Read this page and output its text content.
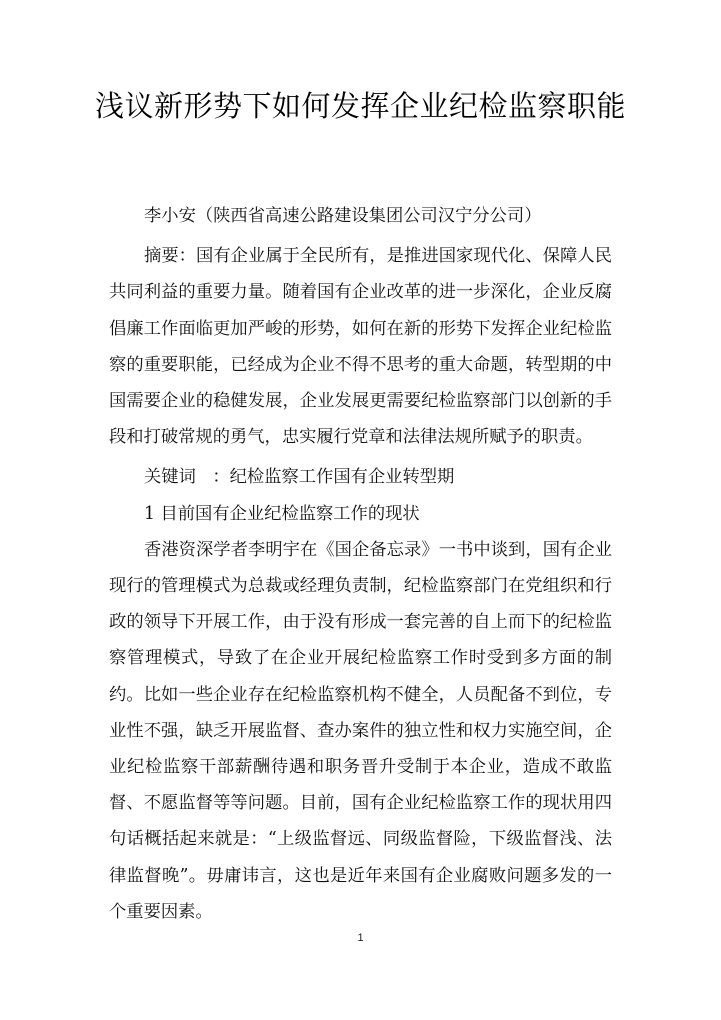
浅议新形势下如何发挥企业纪检监察职能

李小安（陕西省高速公路建设集团公司汉宁分公司）

摘要：国有企业属于全民所有，是推进国家现代化、保障人民共同利益的重要力量。随着国有企业改革的进一步深化，企业反腐倡廉工作面临更加严峻的形势，如何在新的形势下发挥企业纪检监察的重要职能，已经成为企业不得不思考的重大命题，转型期的中国需要企业的稳健发展，企业发展更需要纪检监察部门以创新的手段和打破常规的勇气，忠实履行党章和法律法规所赋予的职责。

关键词   ：纪检监察工作国有企业转型期

1 目前国有企业纪检监察工作的现状

香港资深学者李明宇在《国企备忘录》一书中谈到，国有企业现行的管理模式为总裁或经理负责制，纪检监察部门在党组织和行政的领导下开展工作，由于没有形成一套完善的自上而下的纪检监察管理模式，导致了在企业开展纪检监察工作时受到多方面的制约。比如一些企业存在纪检监察机构不健全，人员配备不到位，专业性不强，缺乏开展监督、查办案件的独立性和权力实施空间，企业纪检监察干部薪酬待遇和职务晋升受制于本企业，造成不敢监督、不愿监督等等问题。目前，国有企业纪检监察工作的现状用四句话概括起来就是：“上级监督远、同级监督险，下级监督浅、法律监督晚”。毋庸讳言，这也是近年来国有企业腐败问题多发的一个重要因素。

1
